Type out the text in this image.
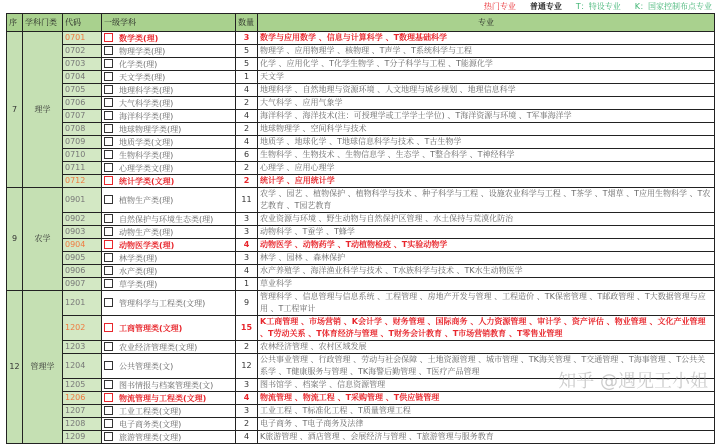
热门专业 普通专业 T：特设专业 K：国家控制布点专业
序	学科门类	代码	一级学科	数量	专业
7	理学	0701	数学类(理)	3	数学与应用数学 、信息与计算科学 、T数理基础科学
		0702	物理学类(理)	5	物理学 、应用物理学 、核物理 、T声学 、T系统科学与工程
		0703	化学类(理)	5	化学 、应用化学 、T化学生物学 、T分子科学与工程 、T能源化学
		0704	天文学类(理)	1	天文学
		0705	地理科学类(理)	4	地理科学 、自然地理与资源环境 、人文地理与城乡规划 、地理信息科学
		0706	大气科学类(理)	2	大气科学 、应用气象学
		0707	海洋科学类(理)	4	海洋科学 、海洋技术(注：可授理学或工学学士学位) 、T海洋资源与环境 、T军事海洋学
		0708	地球物理学类(理)	2	地球物理学 、空间科学与技术
		0709	地质学类(文理)	4	地质学 、地球化学 、T地球信息科学与技术 、T古生物学
		0710	生物科学类(理)	6	生物科学 、生物技术 、生物信息学 、生态学 、T整合科学 、T神经科学
		0711	心理学类文(理)	2	心理学 、应用心理学
		0712	统计学类(文理)	2	统计学 、应用统计学
9	农学	0901	植物生产类(理)	11	农学 、园艺 、植物保护 、植物科学与技术 、种子科学与工程 、设施农业科学与工程 、T茶学 、T烟草 、T应用生物科学 、T农艺教育 、T园艺教育
		0902	自然保护与环境生态类(理)	3	农业资源与环境 、野生动物与自然保护区管理 、水土保持与荒漠化防治
		0903	动物生产类(理)	3	动物科学 、T蚕学 、T蜂学
		0904	动物医学类(理)	4	动物医学 、动物药学 、T动植物检疫 、T实验动物学
		0905	林学类(理)	3	林学 、园林 、森林保护
		0906	水产类(理)	4	水产养殖学 、海洋渔业科学与技术 、T水族科学与技术 、TK水生动物医学
		0907	草学类(理)	1	草业科学
12	管理学	1201	管理科学与工程类(文理)	9	管理科学 、信息管理与信息系统 、工程管理 、房地产开发与管理 、工程造价 、TK保密管理 、T邮政管理 、T大数据管理与应用 、T工程审计
		1202	工商管理类(文理)	15	K工商管理 、市场营销 、K会计学 、财务管理 、国际商务 、人力资源管理 、审计学 、资产评估 、物业管理 、文化产业管理 、T劳动关系 、T体育经济与管理 、T财务会计教育 、T市场营销教育 、T零售业管理
		1203	农业经济管理类(文理)	2	农林经济管理 、农村区域发展
		1204	公共管理类(文)	12	公共事业管理 、行政管理 、劳动与社会保障 、土地资源管理 、城市管理 、TK海关管理 、T交通管理 、T海事管理 、T公共关系学 、T健康服务与管理 、TK海警后勤管理 、T医疗产品管理
		1205	图书情报与档案管理类(文)	3	图书馆学 、档案学 、信息资源管理
		1206	物流管理与工程类(文理)	4	物流管理 、物流工程 、T采购管理 、T供应链管理
		1207	工业工程类(文理)	3	工业工程 、T标准化工程 、T质量管理工程
		1208	电子商务类(文理)	2	电子商务 、T电子商务及法律
		1209	旅游管理类(文理)	4	K旅游管理 、酒店管理 、会展经济与管理 、T旅游管理与服务教育
知乎 @遇见王小姐
